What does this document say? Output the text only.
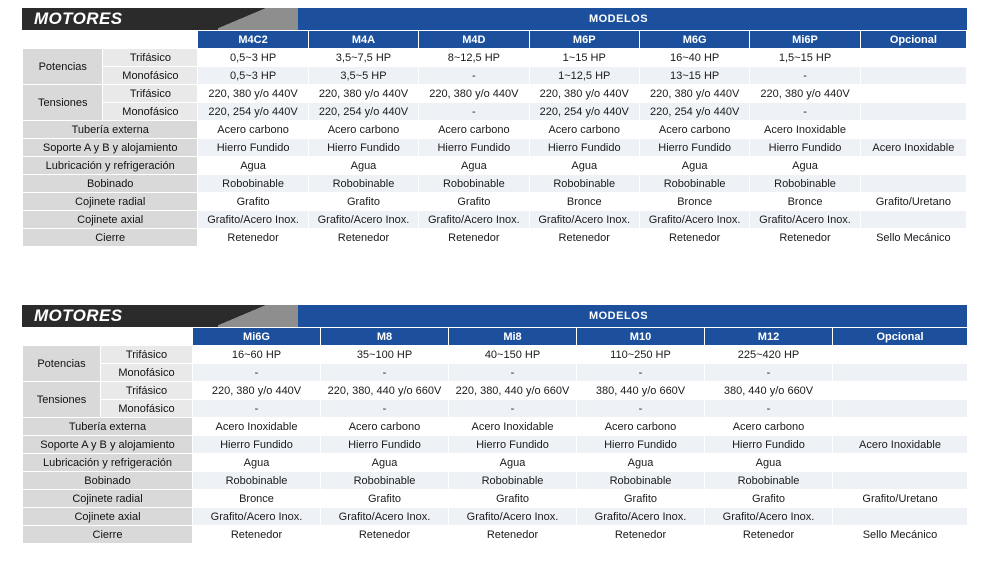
MOTORES	MODELOS
		M4C2	M4A	M4D	M6P	M6G	Mi6P	Opcional
Potencias	Trifásico	0,5~3 HP	3,5~7,5 HP	8~12,5 HP	1~15 HP	16~40 HP	1,5~15 HP	
	Monofásico	0,5~3 HP	3,5~5 HP	-	1~12,5 HP	13~15 HP	-	
Tensiones	Trifásico	220, 380 y/o 440V	220, 380 y/o 440V	220, 380 y/o 440V	220, 380 y/o 440V	220, 380 y/o 440V	220, 380 y/o 440V	
	Monofásico	220, 254 y/o 440V	220, 254 y/o 440V	-	220, 254 y/o 440V	220, 254 y/o 440V	-	
Tubería externa		Acero carbono	Acero carbono	Acero carbono	Acero carbono	Acero carbono	Acero Inoxidable	
Soporte A y B y alojamiento		Hierro Fundido	Hierro Fundido	Hierro Fundido	Hierro Fundido	Hierro Fundido	Hierro Fundido	Acero Inoxidable
Lubricación y refrigeración		Agua	Agua	Agua	Agua	Agua	Agua	
Bobinado		Robobinable	Robobinable	Robobinable	Robobinable	Robobinable	Robobinable	
Cojinete radial		Grafito	Grafito	Grafito	Bronce	Bronce	Bronce	Grafito/Uretano
Cojinete axial		Grafito/Acero Inox.	Grafito/Acero Inox.	Grafito/Acero Inox.	Grafito/Acero Inox.	Grafito/Acero Inox.	Grafito/Acero Inox.	
Cierre		Retenedor	Retenedor	Retenedor	Retenedor	Retenedor	Retenedor	Sello Mecánico
MOTORES	MODELOS
		Mi6G	M8	Mi8	M10	M12	Opcional
Potencias	Trifásico	16~60 HP	35~100 HP	40~150 HP	110~250 HP	225~420 HP	
	Monofásico	-	-	-	-	-	
Tensiones	Trifásico	220, 380 y/o 440V	220, 380, 440 y/o 660V	220, 380, 440 y/o 660V	380, 440 y/o 660V	380, 440 y/o 660V	
	Monofásico	-	-	-	-	-	
Tubería externa		Acero Inoxidable	Acero carbono	Acero Inoxidable	Acero carbono	Acero carbono	
Soporte A y B y alojamiento		Hierro Fundido	Hierro Fundido	Hierro Fundido	Hierro Fundido	Hierro Fundido	Acero Inoxidable
Lubricación y refrigeración		Agua	Agua	Agua	Agua	Agua	
Bobinado		Robobinable	Robobinable	Robobinable	Robobinable	Robobinable	
Cojinete radial		Bronce	Grafito	Grafito	Grafito	Grafito	Grafito/Uretano
Cojinete axial		Grafito/Acero Inox.	Grafito/Acero Inox.	Grafito/Acero Inox.	Grafito/Acero Inox.	Grafito/Acero Inox.	
Cierre		Retenedor	Retenedor	Retenedor	Retenedor	Retenedor	Sello Mecánico
